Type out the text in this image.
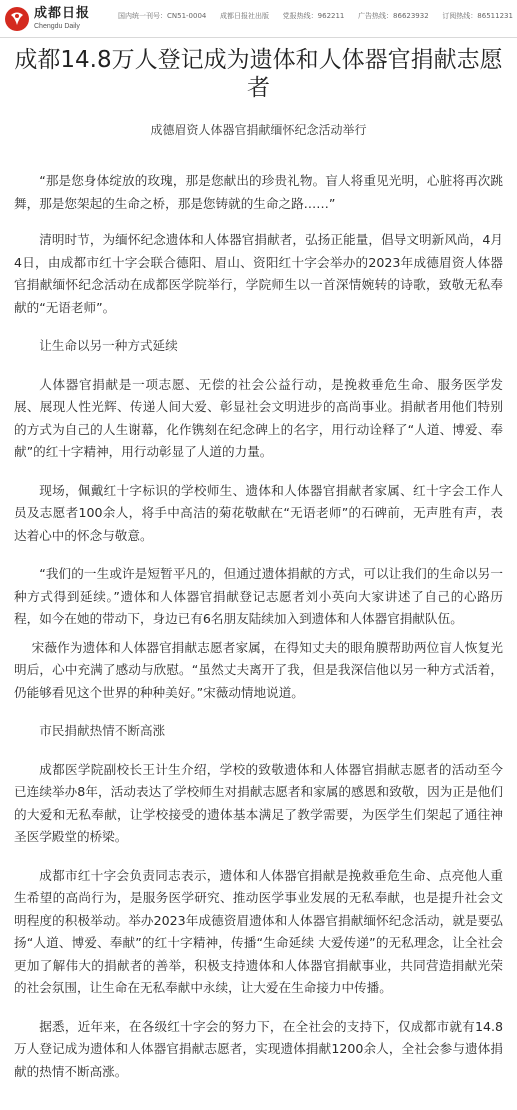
成都日报
Chengdu Daily
国内统一刊号：CN51-0004 成都日报社出版 党报热线：962211 广告热线：86623932 订阅热线：86511231
成都14.8万人登记成为遗体和人体器官捐献志愿者
成德眉资人体器官捐献缅怀纪念活动举行

“那是您身体绽放的玫瑰，那是您献出的珍贵礼物。盲人将重见光明，心脏将再次跳舞，那是您架起的生命之桥，那是您铸就的生命之路……”

清明时节，为缅怀纪念遗体和人体器官捐献者，弘扬正能量，倡导文明新风尚，4月4日，由成都市红十字会联合德阳、眉山、资阳红十字会举办的2023年成德眉资人体器官捐献缅怀纪念活动在成都医学院举行，学院师生以一首深情婉转的诗歌，致敬无私奉献的“无语老师”。

让生命以另一种方式延续

人体器官捐献是一项志愿、无偿的社会公益行动，是挽救垂危生命、服务医学发展、展现人性光辉、传递人间大爱、彰显社会文明进步的高尚事业。捐献者用他们特别的方式为自己的人生谢幕，化作镌刻在纪念碑上的名字，用行动诠释了“人道、博爱、奉献”的红十字精神，用行动彰显了人道的力量。

现场，佩戴红十字标识的学校师生、遗体和人体器官捐献者家属、红十字会工作人员及志愿者100余人，将手中高洁的菊花敬献在“无语老师”的石碑前，无声胜有声，表达着心中的怀念与敬意。

“我们的一生或许是短暂平凡的，但通过遗体捐献的方式，可以让我们的生命以另一种方式得到延续。”遗体和人体器官捐献登记志愿者刘小英向大家讲述了自己的心路历程，如今在她的带动下，身边已有6名朋友陆续加入到遗体和人体器官捐献队伍。

宋薇作为遗体和人体器官捐献志愿者家属，在得知丈夫的眼角膜帮助两位盲人恢复光明后，心中充满了感动与欣慰。“虽然丈夫离开了我，但是我深信他以另一种方式活着，仍能够看见这个世界的种种美好。”宋薇动情地说道。

市民捐献热情不断高涨

成都医学院副校长王计生介绍，学校的致敬遗体和人体器官捐献志愿者的活动至今已连续举办8年，活动表达了学校师生对捐献志愿者和家属的感恩和致敬，因为正是他们的大爱和无私奉献，让学校接受的遗体基本满足了教学需要，为医学生们架起了通往神圣医学殿堂的桥梁。

成都市红十字会负责同志表示，遗体和人体器官捐献是挽救垂危生命、点亮他人重生希望的高尚行为，是服务医学研究、推动医学事业发展的无私奉献，也是提升社会文明程度的积极举动。举办2023年成德资眉遗体和人体器官捐献缅怀纪念活动，就是要弘扬“人道、博爱、奉献”的红十字精神，传播“生命延续 大爱传递”的无私理念，让全社会更加了解伟大的捐献者的善举，积极支持遗体和人体器官捐献事业，共同营造捐献光荣的社会氛围，让生命在无私奉献中永续，让大爱在生命接力中传播。

据悉，近年来，在各级红十字会的努力下，在全社会的支持下，仅成都市就有14.8万人登记成为遗体和人体器官捐献志愿者，实现遗体捐献1200余人，全社会参与遗体捐献的热情不断高涨。
